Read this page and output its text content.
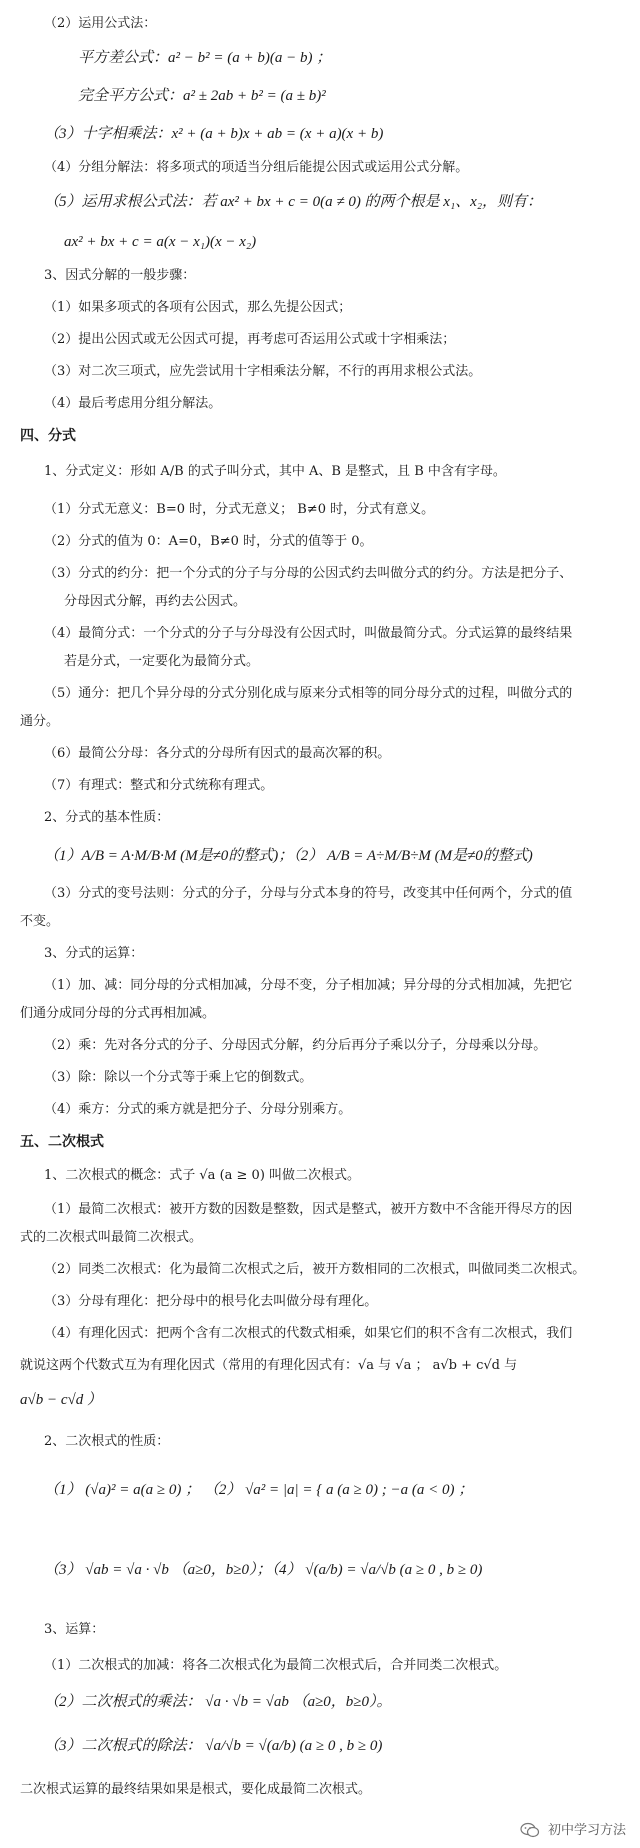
（2）运用公式法：
平方差公式：a² − b² = (a + b)(a − b) ；
完全平方公式：a² ± 2ab + b² = (a ± b)²
（3）十字相乘法：x² + (a + b)x + ab = (x + a)(x + b)
（4）分组分解法：将多项式的项适当分组后能提公因式或运用公式分解。
（5）运用求根公式法：若 ax² + bx + c = 0(a ≠ 0) 的两个根是 x₁、x₂，则有：
ax² + bx + c = a(x − x₁)(x − x₂)
3、因式分解的一般步骤：
（1）如果多项式的各项有公因式，那么先提公因式；
（2）提出公因式或无公因式可提，再考虑可否运用公式或十字相乘法；
（3）对二次三项式，应先尝试用十字相乘法分解，不行的再用求根公式法。
（4）最后考虑用分组分解法。
四、分式
1、分式定义：形如 A/B 的式子叫分式，其中 A、B 是整式，且 B 中含有字母。
（1）分式无意义：B=0 时，分式无意义； B≠0 时，分式有意义。
（2）分式的值为 0：A=0，B≠0 时，分式的值等于 0。
（3）分式的约分：把一个分式的分子与分母的公因式约去叫做分式的约分。方法是把分子、
分母因式分解，再约去公因式。
（4）最简分式：一个分式的分子与分母没有公因式时，叫做最简分式。分式运算的最终结果
若是分式，一定要化为最简分式。
（5）通分：把几个异分母的分式分别化成与原来分式相等的同分母分式的过程，叫做分式的
通分。
（6）最简公分母：各分式的分母所有因式的最高次幂的积。
（7）有理式：整式和分式统称有理式。
2、分式的基本性质：
（1）A/B = A·M/B·M (M是≠0的整式)；（2） A/B = A÷M/B÷M (M是≠0的整式)
（3）分式的变号法则：分式的分子，分母与分式本身的符号，改变其中任何两个，分式的值
不变。
3、分式的运算：
（1）加、减：同分母的分式相加减，分母不变，分子相加减；异分母的分式相加减，先把它
们通分成同分母的分式再相加减。
（2）乘：先对各分式的分子、分母因式分解，约分后再分子乘以分子，分母乘以分母。
（3）除：除以一个分式等于乘上它的倒数式。
（4）乘方：分式的乘方就是把分子、分母分别乘方。
五、二次根式
1、二次根式的概念：式子 √a (a ≥ 0) 叫做二次根式。
（1）最简二次根式：被开方数的因数是整数，因式是整式，被开方数中不含能开得尽方的因
式的二次根式叫最简二次根式。
（2）同类二次根式：化为最简二次根式之后，被开方数相同的二次根式，叫做同类二次根式。
（3）分母有理化：把分母中的根号化去叫做分母有理化。
（4）有理化因式：把两个含有二次根式的代数式相乘，如果它们的积不含有二次根式，我们
就说这两个代数式互为有理化因式（常用的有理化因式有：√a 与 √a ； a√b + c√d 与
a√b − c√d ）
2、二次根式的性质：
（1） (√a)² = a(a ≥ 0) ； （2） √a² = |a| = { a (a ≥ 0) ; −a (a < 0) ；
（3） √ab = √a · √b （a≥0，b≥0）；（4） √(a/b) = √a/√b (a ≥ 0 , b ≥ 0)
3、运算：
（1）二次根式的加减：将各二次根式化为最简二次根式后，合并同类二次根式。
（2）二次根式的乘法： √a · √b = √ab （a≥0，b≥0）。
（3）二次根式的除法： √a/√b = √(a/b) (a ≥ 0 , b ≥ 0)
二次根式运算的最终结果如果是根式，要化成最简二次根式。
初中学习方法
